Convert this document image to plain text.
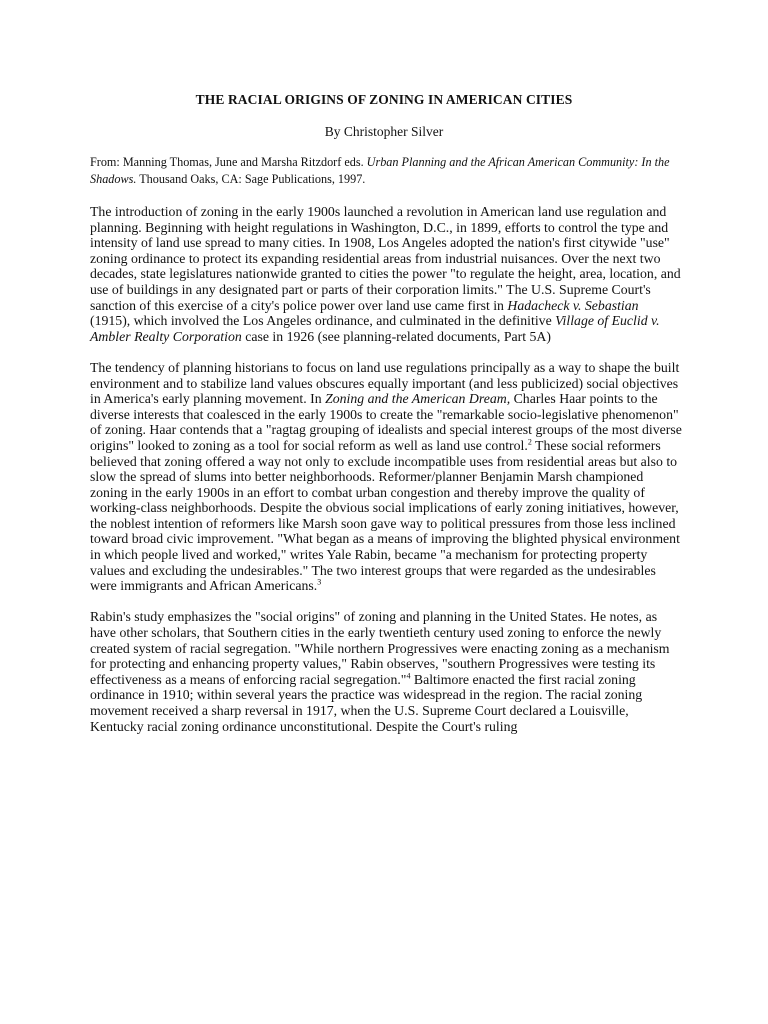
THE RACIAL ORIGINS OF ZONING IN AMERICAN CITIES
By Christopher Silver
From: Manning Thomas, June and Marsha Ritzdorf eds. Urban Planning and the African American Community: In the Shadows. Thousand Oaks, CA: Sage Publications, 1997.

The introduction of zoning in the early 1900s launched a revolution in American land use regulation and planning. Beginning with height regulations in Washington, D.C., in 1899, efforts to control the type and intensity of land use spread to many cities. In 1908, Los Angeles adopted the nation's first citywide "use" zoning ordinance to protect its expanding residential areas from industrial nuisances. Over the next two decades, state legislatures nationwide granted to cities the power "to regulate the height, area, location, and use of buildings in any designated part or parts of their corporation limits." The U.S. Supreme Court's sanction of this exercise of a city's police power over land use came first in Hadacheck v. Sebastian (1915), which involved the Los Angeles ordinance, and culminated in the definitive Village of Euclid v. Ambler Realty Corporation case in 1926 (see planning-related documents, Part 5A)

The tendency of planning historians to focus on land use regulations principally as a way to shape the built environment and to stabilize land values obscures equally important (and less publicized) social objectives in America's early planning movement. In Zoning and the American Dream, Charles Haar points to the diverse interests that coalesced in the early 1900s to create the "remarkable socio-legislative phenomenon" of zoning. Haar contends that a "ragtag grouping of idealists and special interest groups of the most diverse origins" looked to zoning as a tool for social reform as well as land use control.$^2$ These social reformers believed that zoning offered a way not only to exclude incompatible uses from residential areas but also to slow the spread of slums into better neighborhoods. Reformer/planner Benjamin Marsh championed zoning in the early 1900s in an effort to combat urban congestion and thereby improve the quality of working-class neighborhoods. Despite the obvious social implications of early zoning initiatives, however, the noblest intention of reformers like Marsh soon gave way to political pressures from those less inclined toward broad civic improvement. "What began as a means of improving the blighted physical environment in which people lived and worked," writes Yale Rabin, became "a mechanism for protecting property values and excluding the undesirables." The two interest groups that were regarded as the undesirables were immigrants and African Americans.$^3$

Rabin's study emphasizes the "social origins" of zoning and planning in the United States. He notes, as have other scholars, that Southern cities in the early twentieth century used zoning to enforce the newly created system of racial segregation. "While northern Progressives were enacting zoning as a mechanism for protecting and enhancing property values," Rabin observes, "southern Progressives were testing its effectiveness as a means of enforcing racial segregation."$^4$ Baltimore enacted the first racial zoning ordinance in 1910; within several years the practice was widespread in the region. The racial zoning movement received a sharp reversal in 1917, when the U.S. Supreme Court declared a Louisville, Kentucky racial zoning ordinance unconstitutional. Despite the Court's ruling
